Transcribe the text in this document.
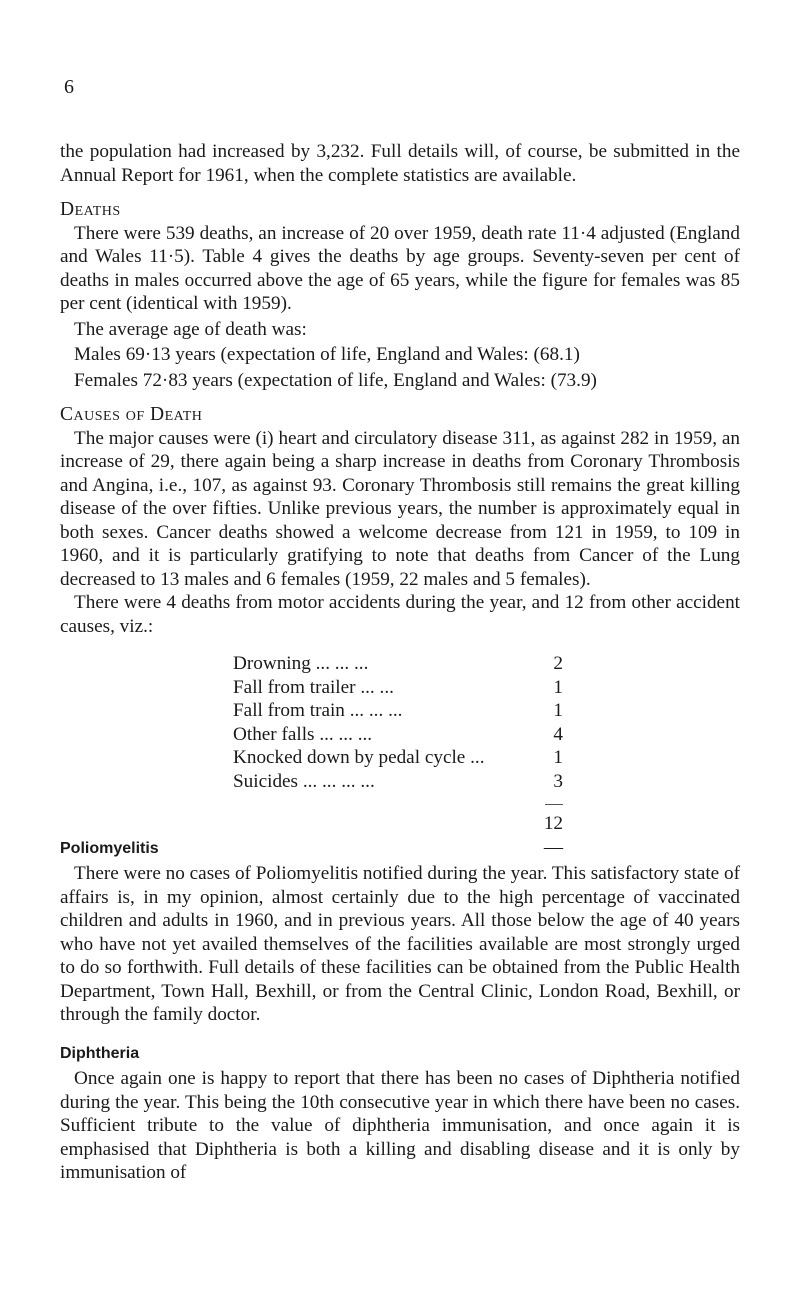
6

the population had increased by 3,232. Full details will, of course, be submitted in the Annual Report for 1961, when the complete statistics are available.

Deaths

There were 539 deaths, an increase of 20 over 1959, death rate 11·4 adjusted (England and Wales 11·5). Table 4 gives the deaths by age groups. Seventy-seven per cent of deaths in males occurred above the age of 65 years, while the figure for females was 85 per cent (identical with 1959).

The average age of death was:

Males 69·13 years (expectation of life, England and Wales: (68.1)

Females 72·83 years (expectation of life, England and Wales: (73.9)

Causes of Death

The major causes were (i) heart and circulatory disease 311, as against 282 in 1959, an increase of 29, there again being a sharp increase in deaths from Coronary Thrombosis and Angina, i.e., 107, as against 93. Coronary Thrombosis still remains the great killing disease of the over fifties. Unlike previous years, the number is approximately equal in both sexes. Cancer deaths showed a welcome decrease from 121 in 1959, to 109 in 1960, and it is particularly gratifying to note that deaths from Cancer of the Lung decreased to 13 males and 6 females (1959, 22 males and 5 females).

There were 4 deaths from motor accidents during the year, and 12 from other accident causes, viz.:

Drowning ... ... ...	2
Fall from trailer ... ...	1
Fall from train ... ... ...	1
Other falls ... ... ...	4
Knocked down by pedal cycle ...	1
Suicides ... ... ... ...	3
12
Poliomyelitis	—

There were no cases of Poliomyelitis notified during the year. This satisfactory state of affairs is, in my opinion, almost certainly due to the high percentage of vaccinated children and adults in 1960, and in previous years. All those below the age of 40 years who have not yet availed themselves of the facilities available are most strongly urged to do so forthwith. Full details of these facilities can be obtained from the Public Health Department, Town Hall, Bexhill, or from the Central Clinic, London Road, Bexhill, or through the family doctor.

Diphtheria

Once again one is happy to report that there has been no cases of Diphtheria notified during the year. This being the 10th consecutive year in which there have been no cases. Sufficient tribute to the value of diphtheria immunisation, and once again it is emphasised that Diphtheria is both a killing and disabling disease and it is only by immunisation of
